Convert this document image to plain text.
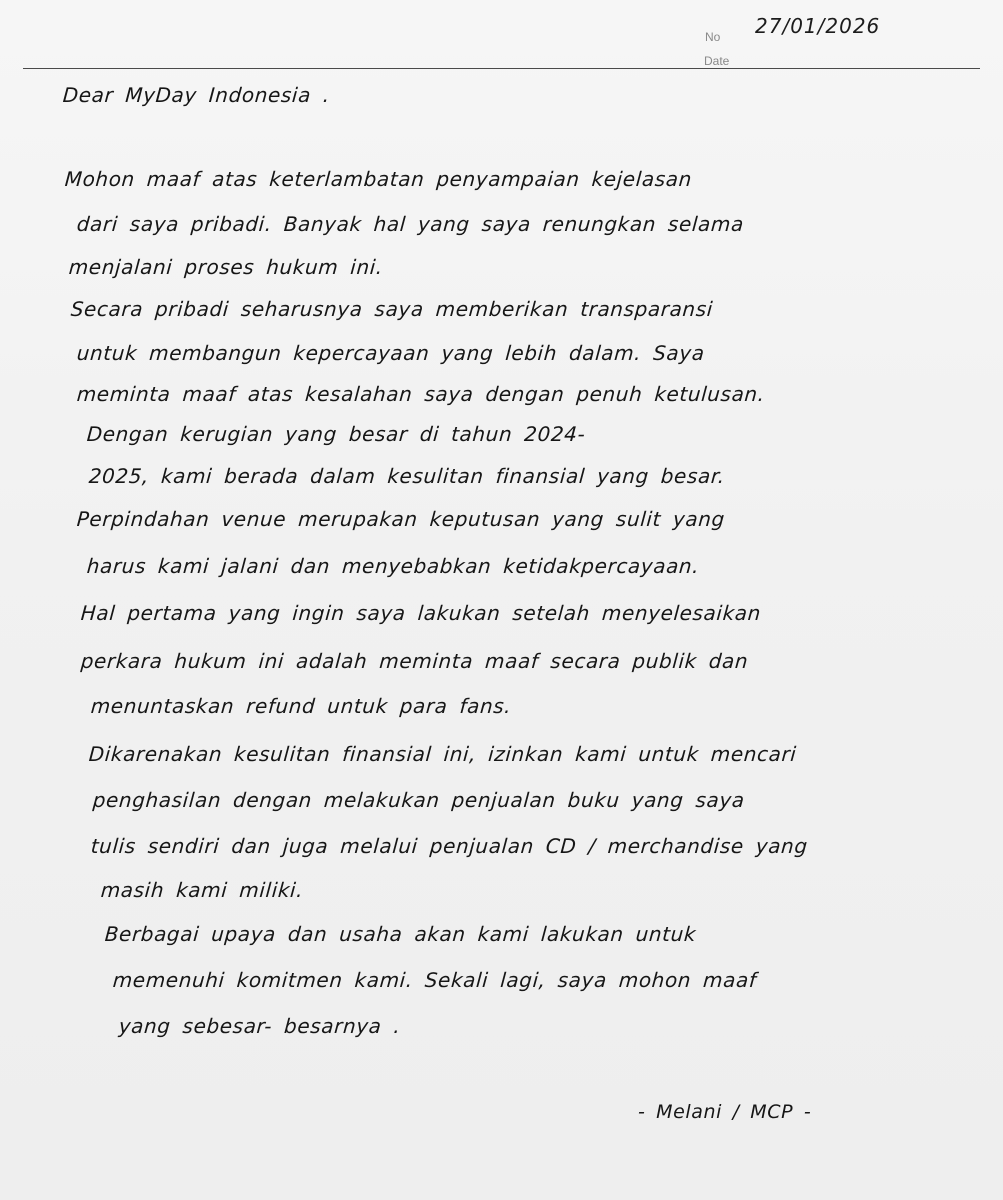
No
Date
27/01/2026

Dear MyDay Indonesia .

Mohon maaf atas keterlambatan penyampaian kejelasan

dari saya pribadi. Banyak hal yang saya renungkan selama

menjalani proses hukum ini.

Secara pribadi seharusnya saya memberikan transparansi

untuk membangun kepercayaan yang lebih dalam. Saya

meminta maaf atas kesalahan saya dengan penuh ketulusan.

Dengan kerugian yang besar di tahun 2024-

2025, kami berada dalam kesulitan finansial yang besar.

Perpindahan venue merupakan keputusan yang sulit yang

harus kami jalani dan menyebabkan ketidakpercayaan.

Hal pertama yang ingin saya lakukan setelah menyelesaikan

perkara hukum ini adalah meminta maaf secara publik dan

menuntaskan refund untuk para fans.

Dikarenakan kesulitan finansial ini, izinkan kami untuk mencari

penghasilan dengan melakukan penjualan buku yang saya

tulis sendiri dan juga melalui penjualan CD / merchandise yang

masih kami miliki.

Berbagai upaya dan usaha akan kami lakukan untuk

memenuhi komitmen kami. Sekali lagi, saya mohon maaf

yang sebesar- besarnya .

- Melani / MCP -
